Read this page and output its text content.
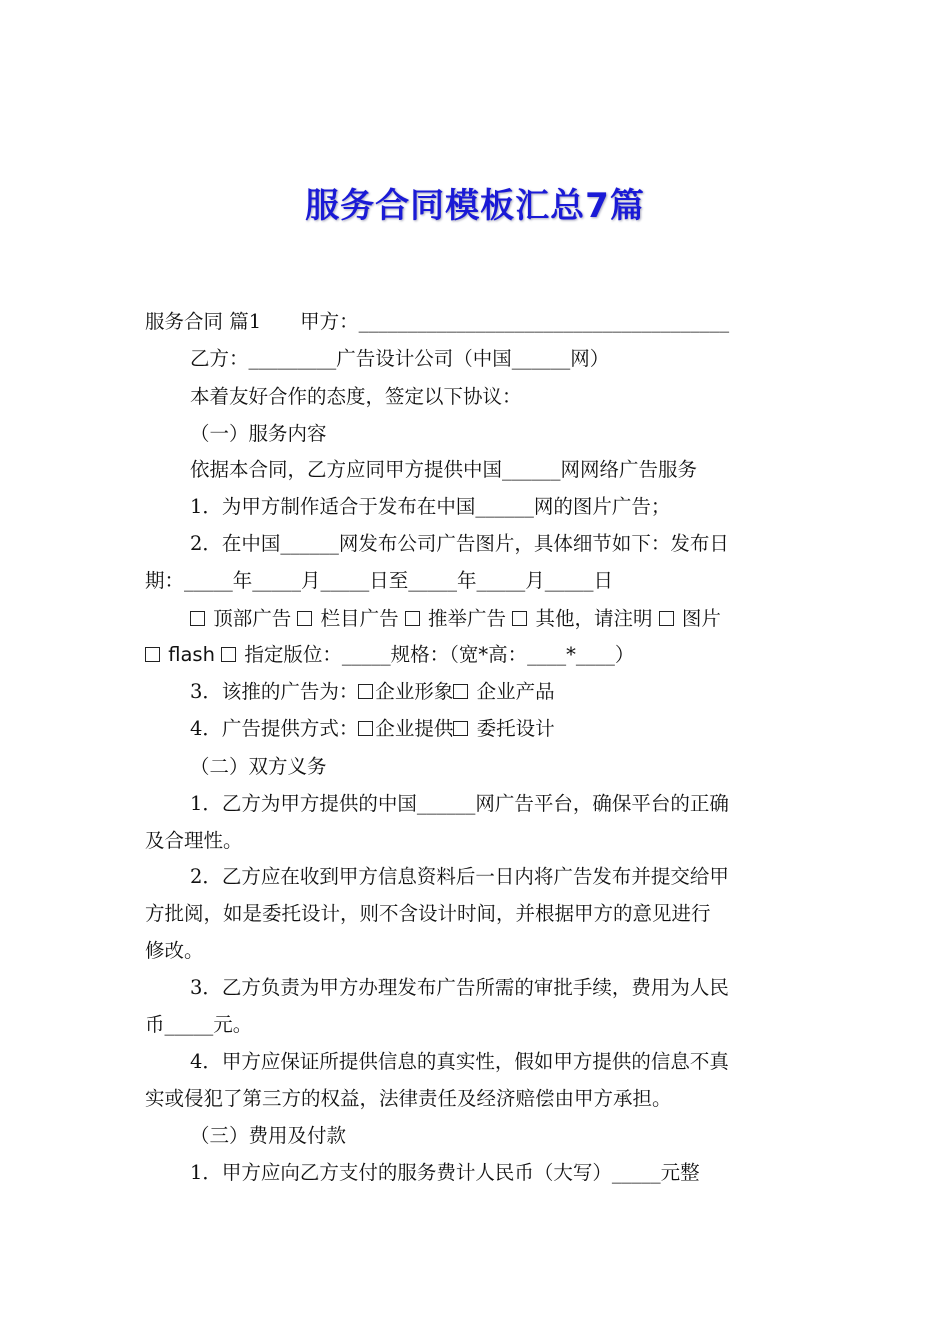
服务合同模板汇总7篇
服务合同 篇1　　甲方：______________________________________
乙方：_________广告设计公司（中国______网）
本着友好合作的态度，签定以下协议：
（一）服务内容
依据本合同，乙方应同甲方提供中国______网网络广告服务
1．为甲方制作适合于发布在中国______网的图片广告；
2．在中国______网发布公司广告图片，具体细节如下：发布日
期：_____年_____月_____日至_____年_____月_____日
顶部广告 栏目广告 推举广告 其他，请注明 图片
flash 指定版位：_____规格：（宽*高：____*____）
3．该推的广告为： 企业形象 企业产品
4．广告提供方式： 企业提供 委托设计
（二）双方义务
1．乙方为甲方提供的中国______网广告平台，确保平台的正确
及合理性。
2．乙方应在收到甲方信息资料后一日内将广告发布并提交给甲
方批阅，如是委托设计，则不含设计时间，并根据甲方的意见进行
修改。
3．乙方负责为甲方办理发布广告所需的审批手续，费用为人民
币_____元。
4．甲方应保证所提供信息的真实性，假如甲方提供的信息不真
实或侵犯了第三方的权益，法律责任及经济赔偿由甲方承担。
（三）费用及付款
1．甲方应向乙方支付的服务费计人民币（大写）_____元整
